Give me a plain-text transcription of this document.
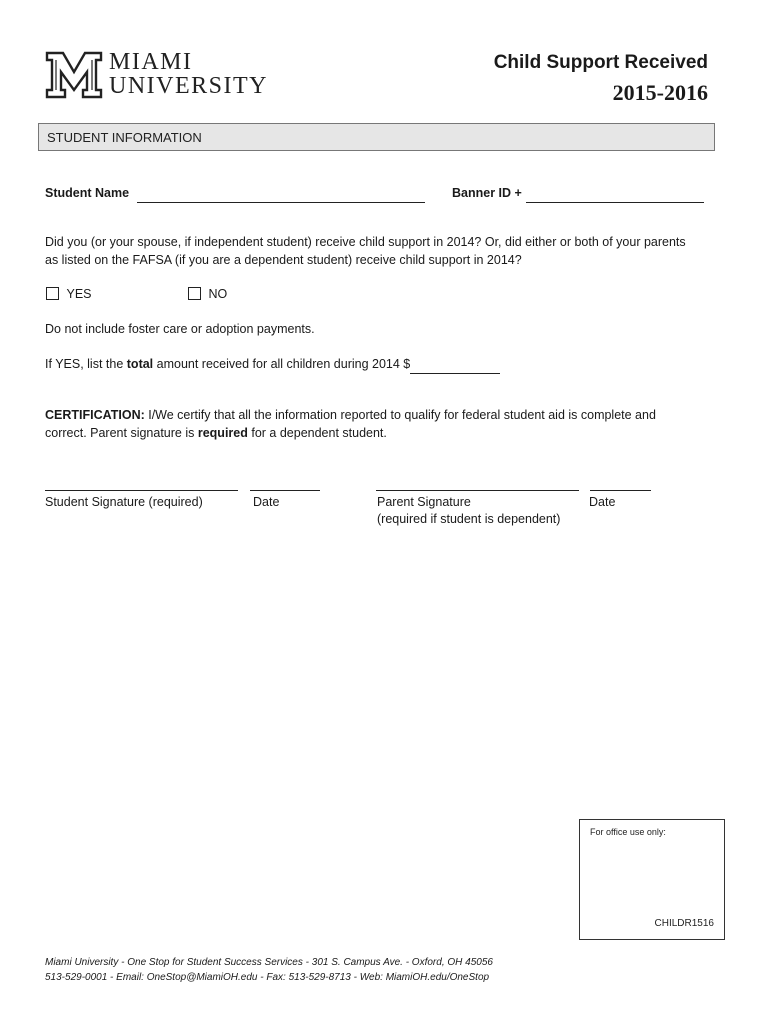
MIAMI
UNIVERSITY
Child Support Received
2015-2016
STUDENT INFORMATION
Student Name	Banner ID +
Did you (or your spouse, if independent student) receive child support in 2014? Or, did either or both of your parents
as listed on the FAFSA (if you are a dependent student) receive child support in 2014?
YES	NO
Do not include foster care or adoption payments.
If YES, list the total amount received for all children during 2014 $
CERTIFICATION: I/We certify that all the information reported to qualify for federal student aid is complete and
correct. Parent signature is required for a dependent student.
Student Signature (required)	Date	Parent Signature
(required if student is dependent)
Date
For office use only:
CHILDR1516
Miami University - One Stop for Student Success Services - 301 S. Campus Ave. - Oxford, OH 45056
513-529-0001 - Email: OneStop@MiamiOH.edu - Fax: 513-529-8713 - Web: MiamiOH.edu/OneStop
